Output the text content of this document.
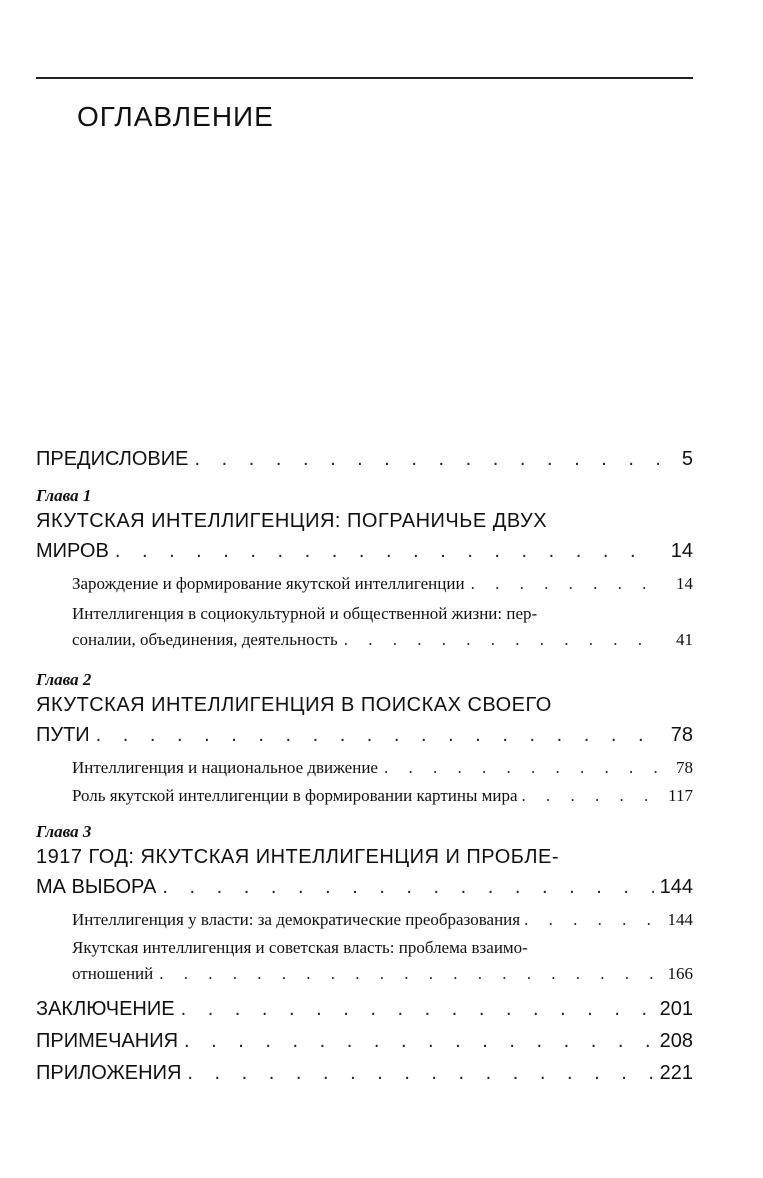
ОГЛАВЛЕНИЕ
ПРЕДИСЛОВИЕ . . .	5
Глава 1
ЯКУТСКАЯ ИНТЕЛЛИГЕНЦИЯ: ПОГРАНИЧЬЕ ДВУХ
МИРОВ . . .	14
Зарождение и формирование якутской интеллигенции . . .	14
Интеллигенция в социокультурной и общественной жизни: пер-
соналии, объединения, деятельность . . .	41
Глава 2
ЯКУТСКАЯ ИНТЕЛЛИГЕНЦИЯ В ПОИСКАХ СВОЕГО
ПУТИ . . .	78
Интеллигенция и национальное движение . . .	78
Роль якутской интеллигенции в формировании картины мира . . .	117
Глава 3
1917 ГОД: ЯКУТСКАЯ ИНТЕЛЛИГЕНЦИЯ И ПРОБЛЕ-
МА ВЫБОРА . . .	144
Интеллигенция у власти: за демократические преобразования . . .	144
Якутская интеллигенция и советская власть: проблема взаимо-
отношений . . .	166
ЗАКЛЮЧЕНИЕ . . .	201
ПРИМЕЧАНИЯ . . .	208
ПРИЛОЖЕНИЯ . . .	221
